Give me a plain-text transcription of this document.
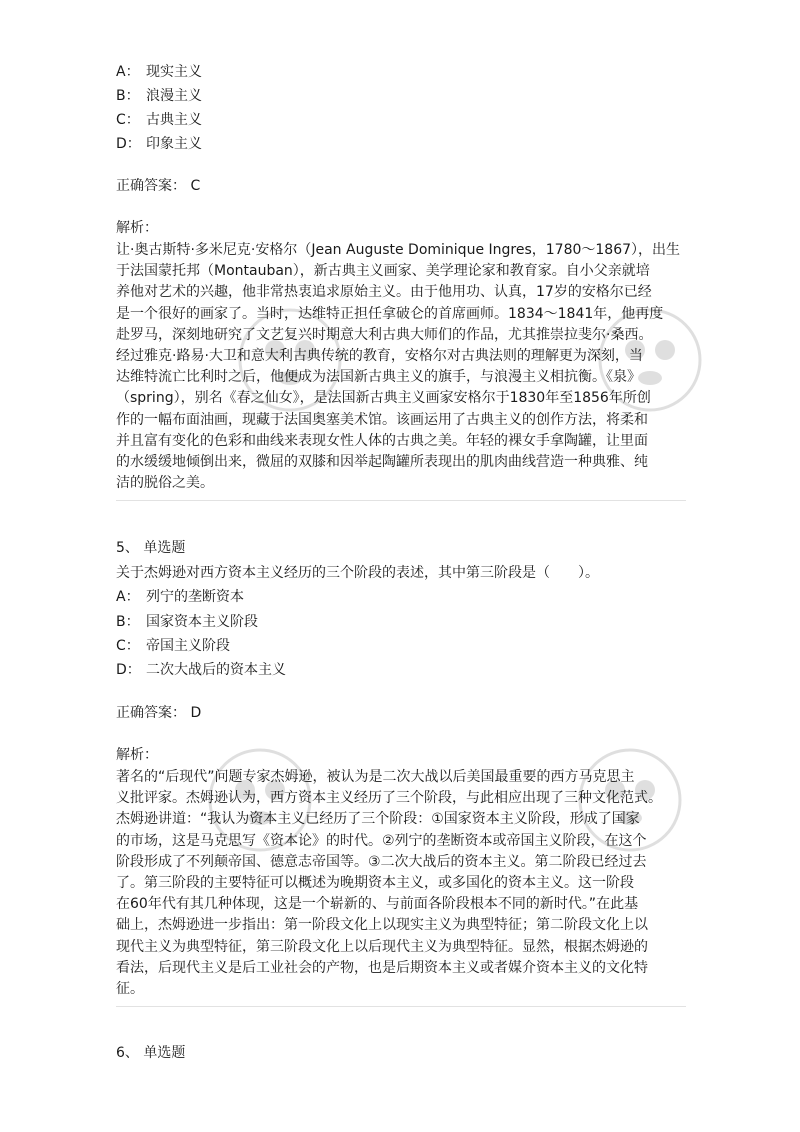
A： 现实主义
B： 浪漫主义
C： 古典主义
D： 印象主义
正确答案： C
解析：
让·奥古斯特·多米尼克·安格尔（Jean Auguste Dominique Ingres，1780～1867），出生
于法国蒙托邦（Montauban），新古典主义画家、美学理论家和教育家。自小父亲就培
养他对艺术的兴趣，他非常热衷追求原始主义。由于他用功、认真，17岁的安格尔已经
是一个很好的画家了。当时，达维特正担任拿破仑的首席画师。1834～1841年，他再度
赴罗马，深刻地研究了文艺复兴时期意大利古典大师们的作品，尤其推崇拉斐尔·桑西。
经过雅克·路易·大卫和意大利古典传统的教育，安格尔对古典法则的理解更为深刻，当
达维特流亡比利时之后，他便成为法国新古典主义的旗手，与浪漫主义相抗衡。《泉》
（spring），别名《春之仙女》，是法国新古典主义画家安格尔于1830年至1856年所创
作的一幅布面油画，现藏于法国奥塞美术馆。该画运用了古典主义的创作方法，将柔和
并且富有变化的色彩和曲线来表现女性人体的古典之美。年轻的裸女手拿陶罐，让里面
的水缓缓地倾倒出来，微屈的双膝和因举起陶罐所表现出的肌肉曲线营造一种典雅、纯
洁的脱俗之美。
5、 单选题
关于杰姆逊对西方资本主义经历的三个阶段的表述，其中第三阶段是（　　）。
A： 列宁的垄断资本
B： 国家资本主义阶段
C： 帝国主义阶段
D： 二次大战后的资本主义
正确答案： D
解析：
著名的“后现代”问题专家杰姆逊，被认为是二次大战以后美国最重要的西方马克思主
义批评家。杰姆逊认为，西方资本主义经历了三个阶段，与此相应出现了三种文化范式。
杰姆逊讲道：“我认为资本主义已经历了三个阶段：①国家资本主义阶段，形成了国家
的市场，这是马克思写《资本论》的时代。②列宁的垄断资本或帝国主义阶段，在这个
阶段形成了不列颠帝国、德意志帝国等。③二次大战后的资本主义。第二阶段已经过去
了。第三阶段的主要特征可以概述为晚期资本主义，或多国化的资本主义。这一阶段
在60年代有其几种体现，这是一个崭新的、与前面各阶段根本不同的新时代。”在此基
础上，杰姆逊进一步指出：第一阶段文化上以现实主义为典型特征；第二阶段文化上以
现代主义为典型特征，第三阶段文化上以后现代主义为典型特征。显然，根据杰姆逊的
看法，后现代主义是后工业社会的产物，也是后期资本主义或者媒介资本主义的文化特
征。
6、 单选题
